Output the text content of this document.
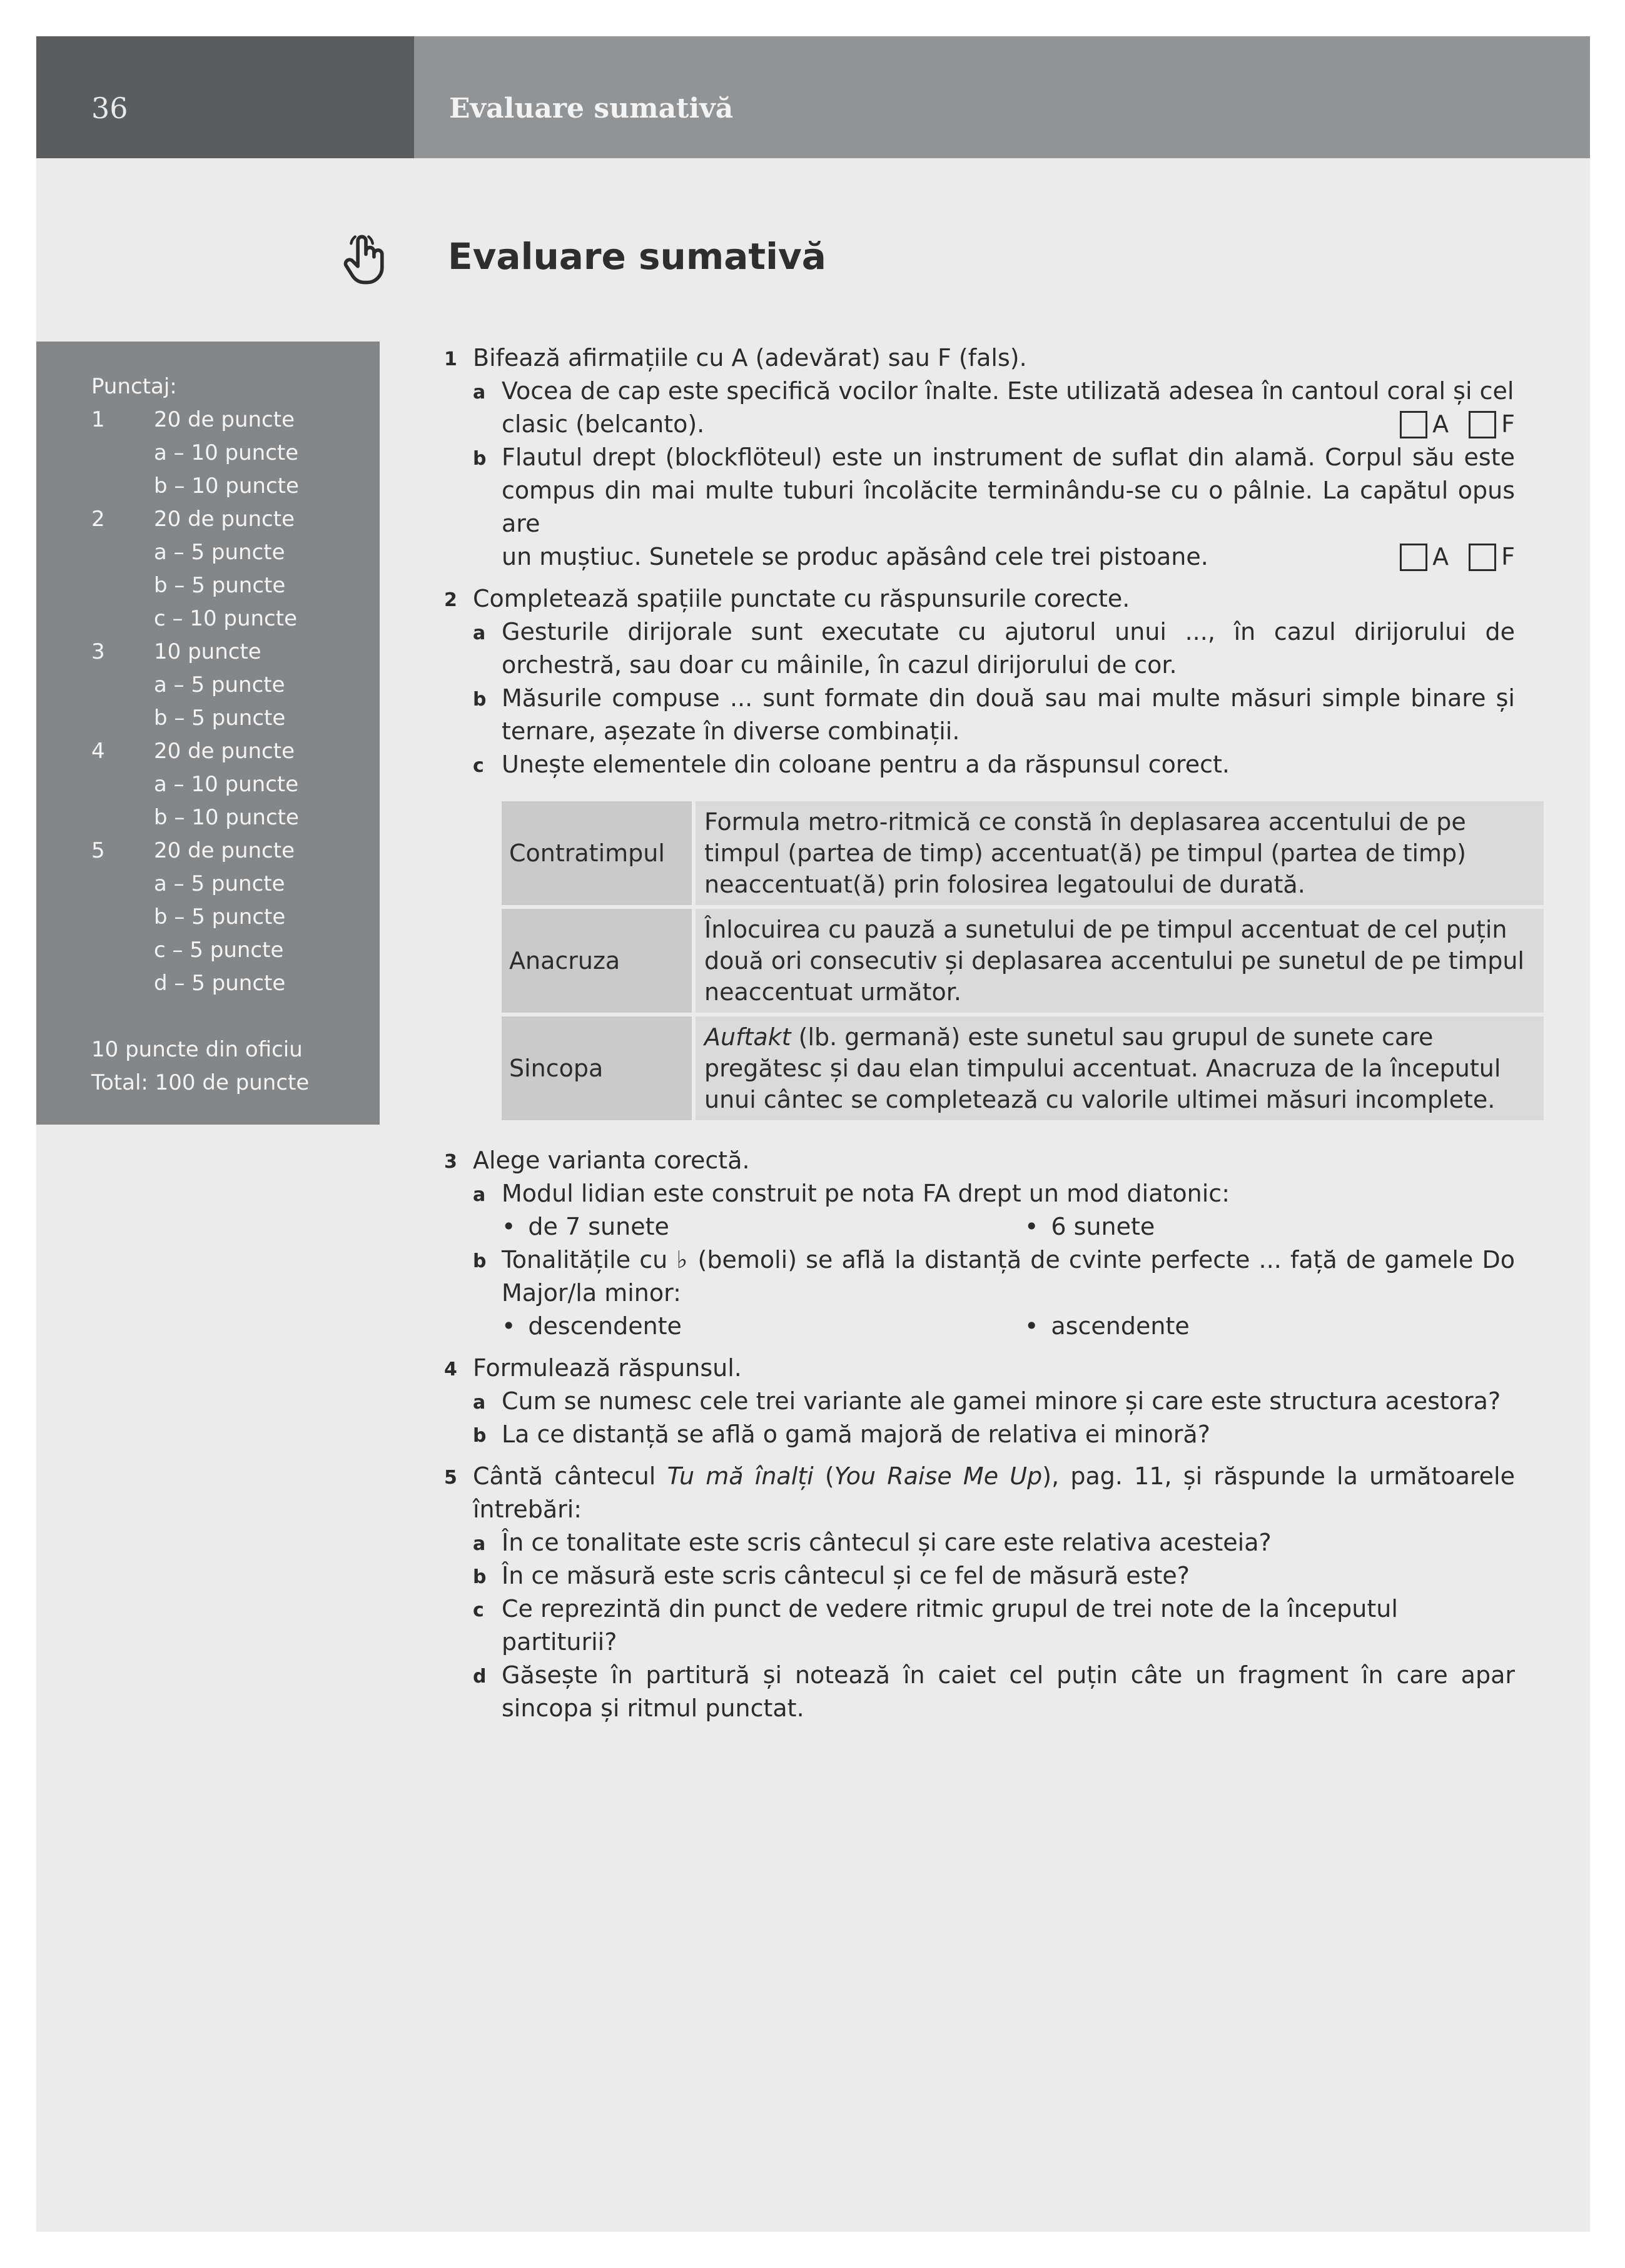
36	Evaluare sumativă
Evaluare sumativă
Punctaj:
1 20 de puncte
a – 10 puncte
b – 10 puncte
2 20 de puncte
a – 5 puncte
b – 5 puncte
c – 10 puncte
3 10 puncte
a – 5 puncte
b – 5 puncte
4 20 de puncte
a – 10 puncte
b – 10 puncte
5 20 de puncte
a – 5 puncte
b – 5 puncte
c – 5 puncte
d – 5 puncte
10 puncte din oficiu
Total: 100 de puncte
1 Bifează afirmațiile cu A (adevărat) sau F (fals).
a Vocea de cap este specifică vocilor înalte. Este utilizată adesea în cantoul coral și cel
clasic (belcanto).	A F
b Flautul drept (blockflöteul) este un instrument de suflat din alamă. Corpul său este compus din mai multe tuburi încolăcite terminându-se cu o pâlnie. La capătul opus are
un muștiuc. Sunetele se produc apăsând cele trei pistoane.	A F
2 Completează spațiile punctate cu răspunsurile corecte.
a Gesturile dirijorale sunt executate cu ajutorul unui ..., în cazul dirijorului de orchestră, sau doar cu mâinile, în cazul dirijorului de cor.
b Măsurile compuse ... sunt formate din două sau mai multe măsuri simple binare și ternare, așezate în diverse combinații.
c Unește elementele din coloane pentru a da răspunsul corect.
Contratimpul	Formula metro-ritmică ce constă în deplasarea accentului de pe timpul (partea de timp) accentuat(ă) pe timpul (partea de timp) neaccentuat(ă) prin folosirea legatoului de durată.
Anacruza	Înlocuirea cu pauză a sunetului de pe timpul accentuat de cel puțin două ori consecutiv și deplasarea accentului pe sunetul de pe timpul neaccentuat următor.
Sincopa	Auftakt (lb. germană) este sunetul sau grupul de sunete care pregătesc și dau elan timpului accentuat. Anacruza de la începutul unui cântec se completează cu valorile ultimei măsuri incomplete.
3 Alege varianta corectă.
a Modul lidian este construit pe nota FA drept un mod diatonic:
• de 7 sunete	• 6 sunete
b Tonalitățile cu ♭ (bemoli) se află la distanță de cvinte perfecte ... față de gamele Do Major/la minor:
• descendente	• ascendente
4 Formulează răspunsul.
a Cum se numesc cele trei variante ale gamei minore și care este structura acestora?
b La ce distanță se află o gamă majoră de relativa ei minoră?
5 Cântă cântecul Tu mă înalți (You Raise Me Up), pag. 11, și răspunde la următoarele întrebări:
a În ce tonalitate este scris cântecul și care este relativa acesteia?
b În ce măsură este scris cântecul și ce fel de măsură este?
c Ce reprezintă din punct de vedere ritmic grupul de trei note de la începutul partiturii?
d Găsește în partitură și notează în caiet cel puțin câte un fragment în care apar sincopa și ritmul punctat.
